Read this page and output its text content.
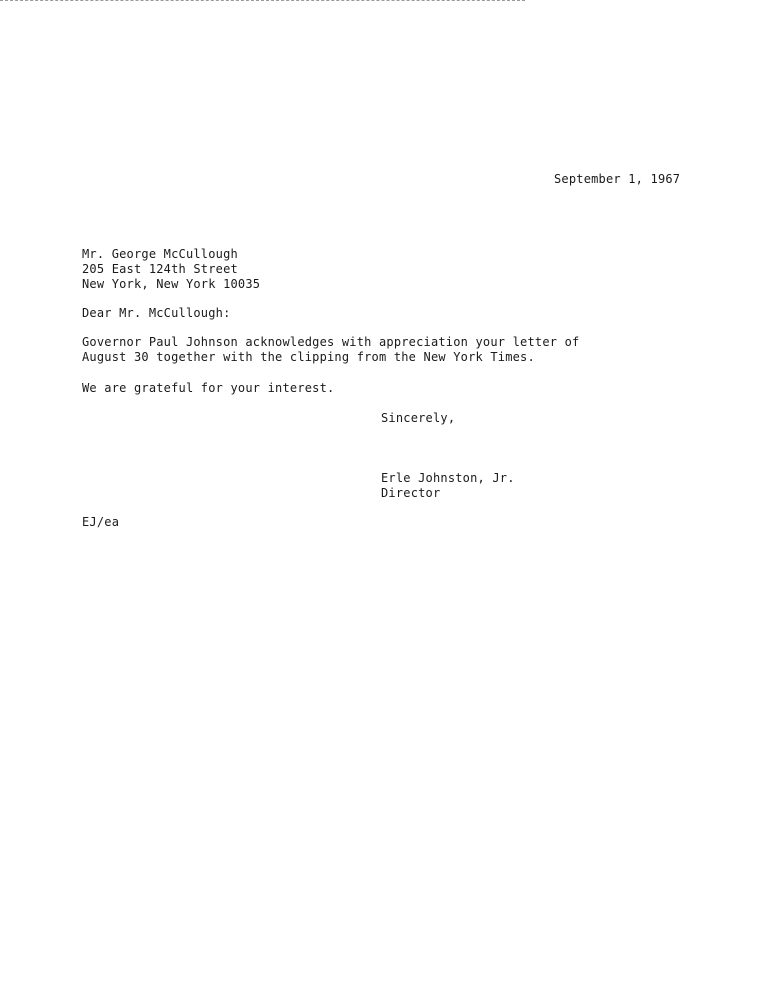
September 1, 1967
Mr. George McCullough
205 East 124th Street
New York, New York 10035
Dear Mr. McCullough:
Governor Paul Johnson acknowledges with appreciation your letter of
August 30 together with the clipping from the New York Times.
We are grateful for your interest.
Sincerely,
Erle Johnston, Jr.
Director
EJ/ea
